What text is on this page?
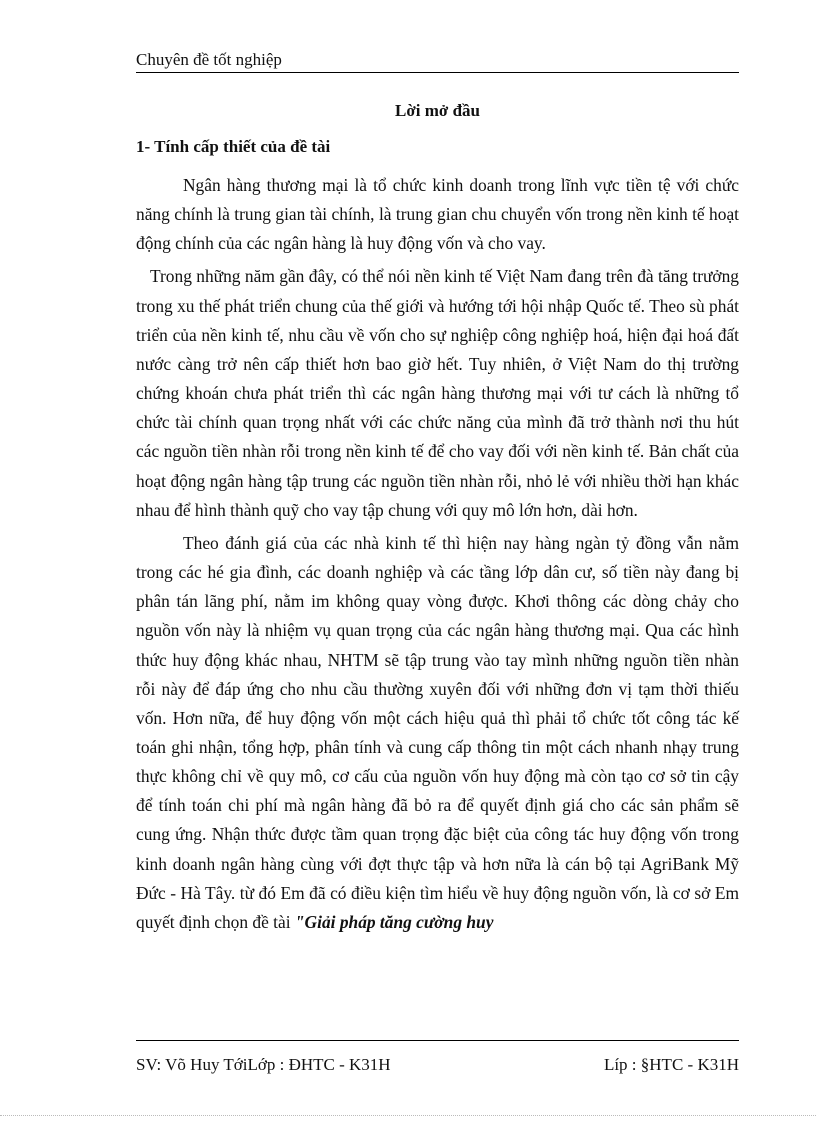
Chuyên đề tốt nghiệp
Lời mở đầu
1- Tính cấp thiết của đề tài

Ngân hàng thương mại là tổ chức kinh doanh trong lĩnh vực tiền tệ với chức năng chính là trung gian tài chính, là trung gian chu chuyển vốn trong nền kinh tế hoạt động chính của các ngân hàng là huy động vốn và cho vay.

Trong những năm gần đây, có thể nói nền kinh tế Việt Nam đang trên đà tăng trưởng trong xu thế phát triển chung của thế giới và hướng tới hội nhập Quốc tế. Theo sù phát triển của nền kinh tế, nhu cầu về vốn cho sự nghiệp công nghiệp hoá, hiện đại hoá đất nước càng trở nên cấp thiết hơn bao giờ hết. Tuy nhiên, ở Việt Nam do thị trường chứng khoán chưa phát triển thì các ngân hàng thương mại với tư cách là những tổ chức tài chính quan trọng nhất với các chức năng của mình đã trở thành nơi thu hút các nguồn tiền nhàn rỗi trong nền kinh tế để cho vay đối với nền kinh tế. Bản chất của hoạt động ngân hàng tập trung các nguồn tiền nhàn rỗi, nhỏ lẻ với nhiều thời hạn khác nhau để hình thành quỹ cho vay tập chung với quy mô lớn hơn, dài hơn.

Theo đánh giá của các nhà kinh tế thì hiện nay hàng ngàn tỷ đồng vẫn nằm trong các hé gia đình, các doanh nghiệp và các tầng lớp dân cư, số tiền này đang bị phân tán lãng phí, nằm im không quay vòng được. Khơi thông các dòng chảy cho nguồn vốn này là nhiệm vụ quan trọng của các ngân hàng thương mại. Qua các hình thức huy động khác nhau, NHTM sẽ tập trung vào tay mình những nguồn tiền nhàn rỗi này để đáp ứng cho nhu cầu thường xuyên đối với những đơn vị tạm thời thiếu vốn. Hơn nữa, để huy động vốn một cách hiệu quả thì phải tổ chức tốt công tác kế toán ghi nhận, tổng hợp, phân tính và cung cấp thông tin một cách nhanh nhạy trung thực không chỉ về quy mô, cơ cấu của nguồn vốn huy động mà còn tạo cơ sở tin cậy để tính toán chi phí mà ngân hàng đã bỏ ra để quyết định giá cho các sản phẩm sẽ cung ứng. Nhận thức được tầm quan trọng đặc biệt của công tác huy động vốn trong kinh doanh ngân hàng cùng với đợt thực tập và hơn nữa là cán bộ tại AgriBank Mỹ Đức - Hà Tây. từ đó Em đã có điều kiện tìm hiểu về huy động nguồn vốn, là cơ sở Em quyết định chọn đề tài "Giải pháp tăng cường huy

SV: Võ Huy TớiLớp : ĐHTC - K31H	Líp : §HTC - K31H
